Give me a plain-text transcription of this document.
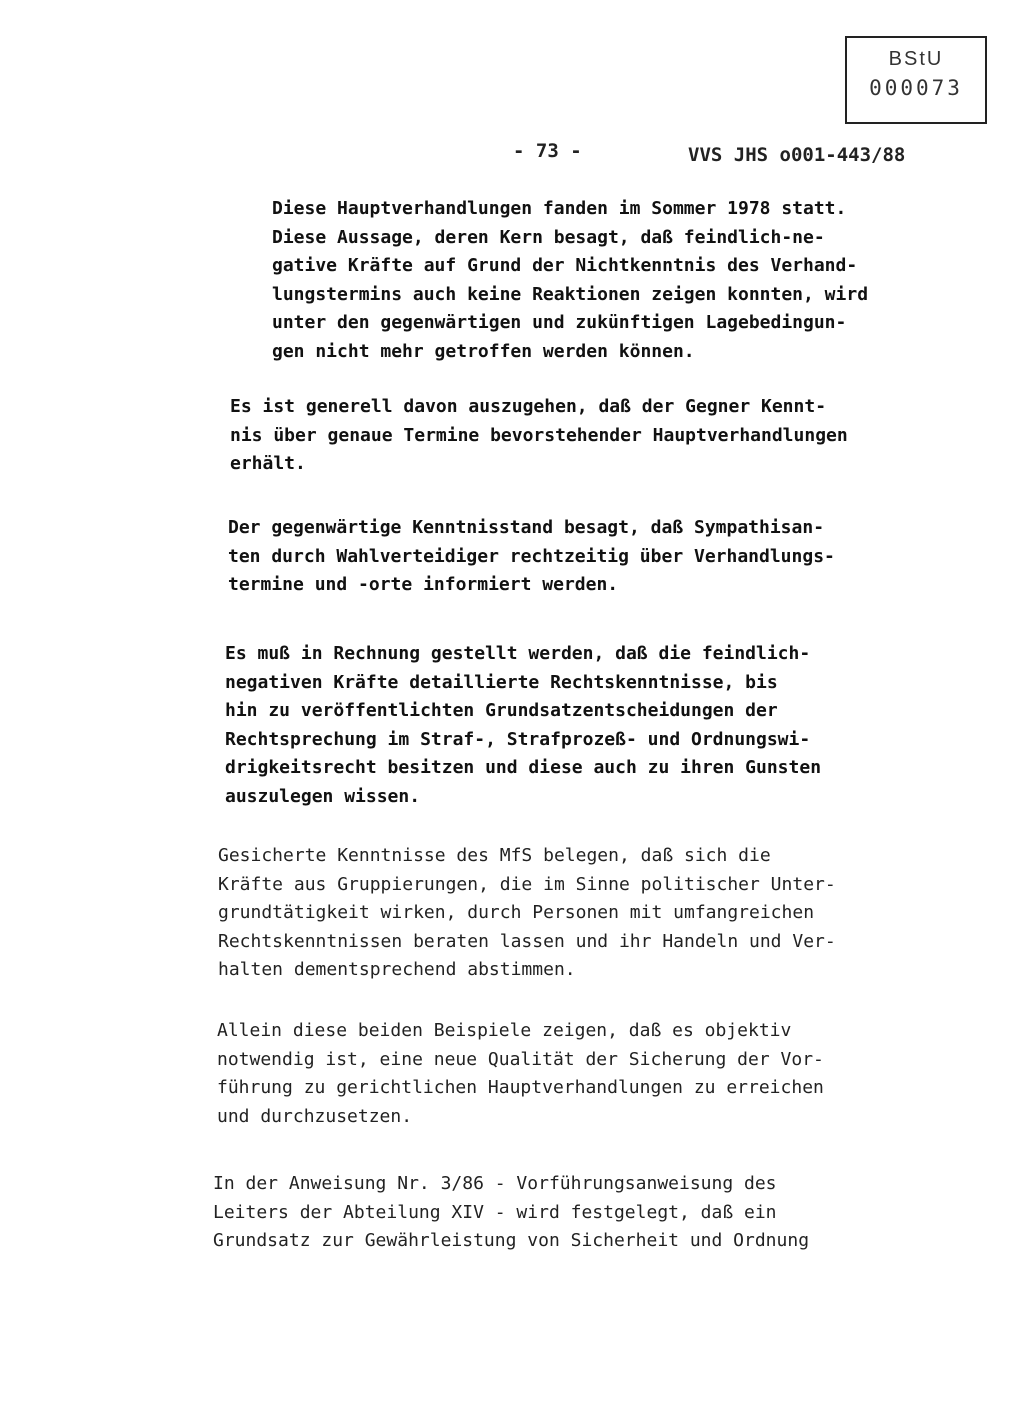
BStU
000073
- 73 -	VVS JHS o001-443/88
Diese Hauptverhandlungen fanden im Sommer 1978 statt.
Diese Aussage, deren Kern besagt, daß feindlich-ne-
gative Kräfte auf Grund der Nichtkenntnis des Verhand-
lungstermins auch keine Reaktionen zeigen konnten, wird
unter den gegenwärtigen und zukünftigen Lagebedingun-
gen nicht mehr getroffen werden können.
Es ist generell davon auszugehen, daß der Gegner Kennt-
nis über genaue Termine bevorstehender Hauptverhandlungen
erhält.
Der gegenwärtige Kenntnisstand besagt, daß Sympathisan-
ten durch Wahlverteidiger rechtzeitig über Verhandlungs-
termine und -orte informiert werden.
Es muß in Rechnung gestellt werden, daß die feindlich-
negativen Kräfte detaillierte Rechtskenntnisse, bis
hin zu veröffentlichten Grundsatzentscheidungen der
Rechtsprechung im Straf-, Strafprozeß- und Ordnungswi-
drigkeitsrecht besitzen und diese auch zu ihren Gunsten
auszulegen wissen.
Gesicherte Kenntnisse des MfS belegen, daß sich die
Kräfte aus Gruppierungen, die im Sinne politischer Unter-
grundtätigkeit wirken, durch Personen mit umfangreichen
Rechtskenntnissen beraten lassen und ihr Handeln und Ver-
halten dementsprechend abstimmen.
Allein diese beiden Beispiele zeigen, daß es objektiv
notwendig ist, eine neue Qualität der Sicherung der Vor-
führung zu gerichtlichen Hauptverhandlungen zu erreichen
und durchzusetzen.
In der Anweisung Nr. 3/86 - Vorführungsanweisung des
Leiters der Abteilung XIV - wird festgelegt, daß ein
Grundsatz zur Gewährleistung von Sicherheit und Ordnung
